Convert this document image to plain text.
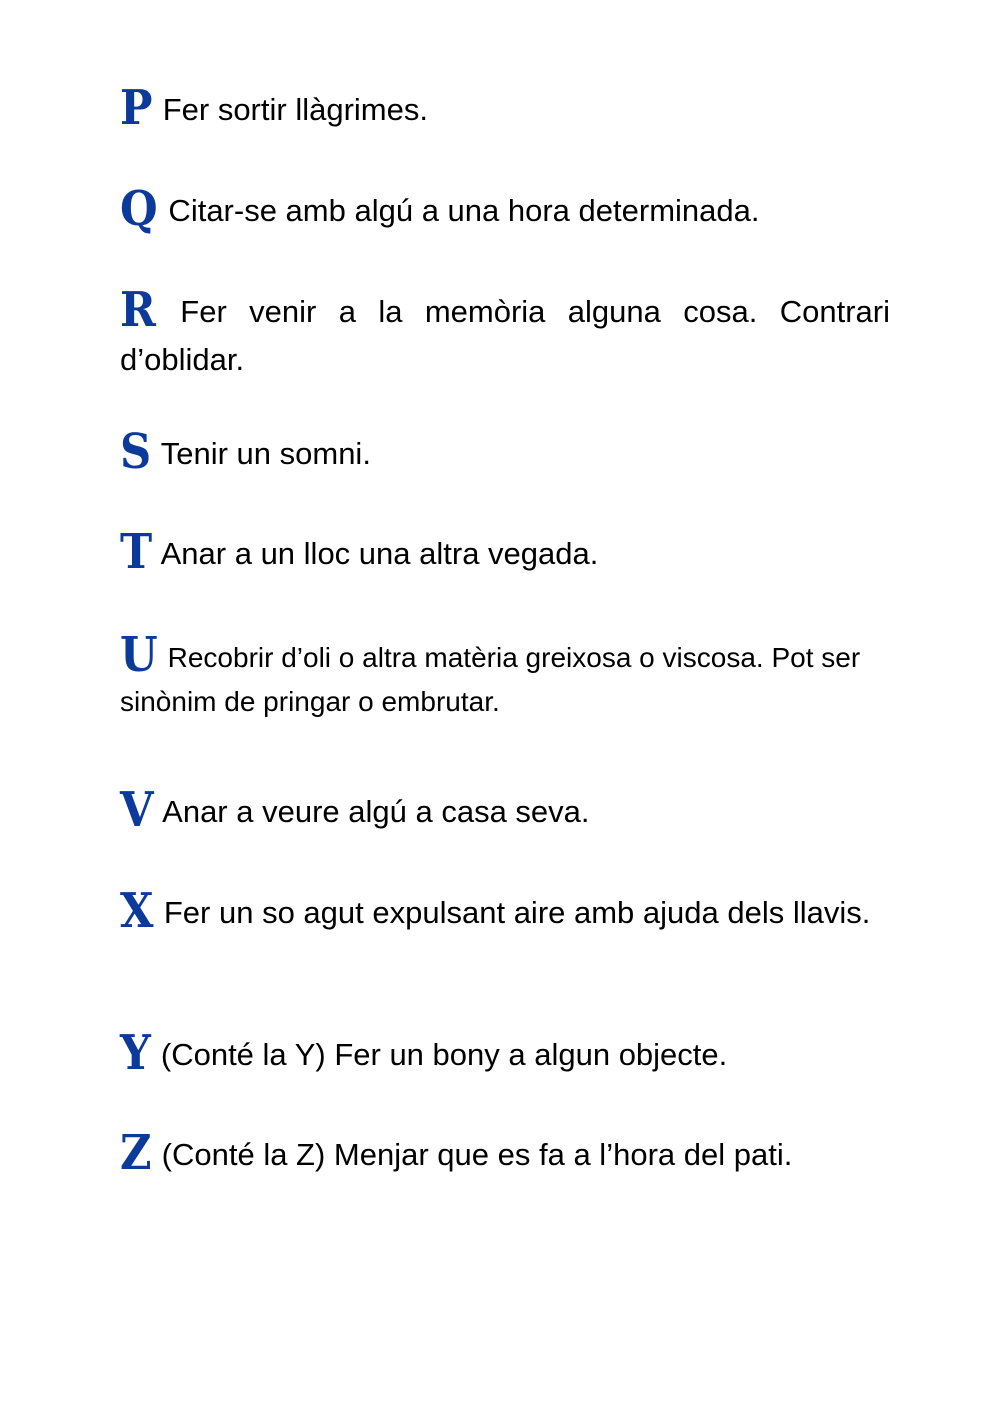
P Fer sortir llàgrimes.
Q Citar-se amb algú a una hora determinada.
R Fer venir a la memòria alguna cosa. Contrari d’oblidar.
S Tenir un somni.
T Anar a un lloc una altra vegada.
U Recobrir d’oli o altra matèria greixosa o viscosa. Pot ser sinònim de pringar o embrutar.
V Anar a veure algú a casa seva.
X Fer un so agut expulsant aire amb ajuda dels llavis.
Y (Conté la Y) Fer un bony a algun objecte.
Z (Conté la Z) Menjar que es fa a l’hora del pati.
